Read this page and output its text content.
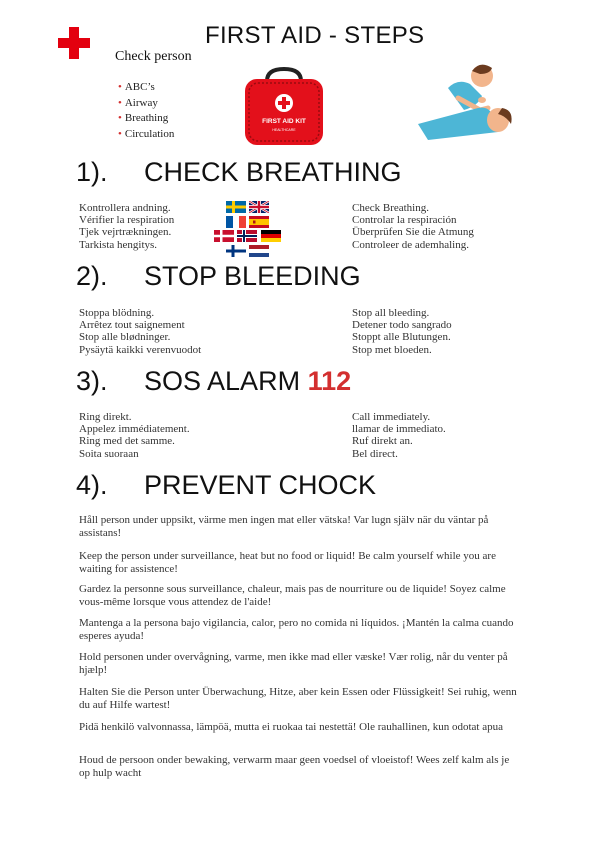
FIRST AID - STEPS
Check person
• ABC’s
• Airway
• Breathing
• Circulation
FIRST AID KIT
HEALTHCARE
1). CHECK BREATHING
Kontrollera andning.
Vérifier la respiration
Tjek vejrtrækningen.
Tarkista hengitys.
Check Breathing.
Controlar la respiración
Überprüfen Sie die Atmung
Controleer de ademhaling.
2). STOP BLEEDING
Stoppa blödning.
Arrêtez tout saignement
Stop alle blødninger.
Pysäytä kaikki verenvuodot
Stop all bleeding.
Detener todo sangrado
Stoppt alle Blutungen.
Stop met bloeden.
3). SOS ALARM 112
Ring direkt.
Appelez immédiatement.
Ring med det samme.
Soita suoraan
Call immediately.
llamar de immediato.
Ruf direkt an.
Bel direct.
4). PREVENT CHOCK

Håll person under uppsikt, värme men ingen mat eller vätska! Var lugn själv när du väntar på assistans!

Keep the person under surveillance, heat but no food or liquid! Be calm yourself while you are waiting for assistence!

Gardez la personne sous surveillance, chaleur, mais pas de nourriture ou de liquide! Soyez calme vous-même lorsque vous attendez de l'aide!

Mantenga a la persona bajo vigilancia, calor, pero no comida ni líquidos. ¡Mantén la calma cuando esperes ayuda!

Hold personen under overvågning, varme, men ikke mad eller væske! Vær rolig, når du venter på hjælp!

Halten Sie die Person unter Überwachung, Hitze, aber kein Essen oder Flüssigkeit! Sei ruhig, wenn du auf Hilfe wartest!

Pidä henkilö valvonnassa, lämpöä, mutta ei ruokaa tai nestettä! Ole rauhallinen, kun odotat apua

Houd de persoon onder bewaking, verwarm maar geen voedsel of vloeistof! Wees zelf kalm als je op hulp wacht
